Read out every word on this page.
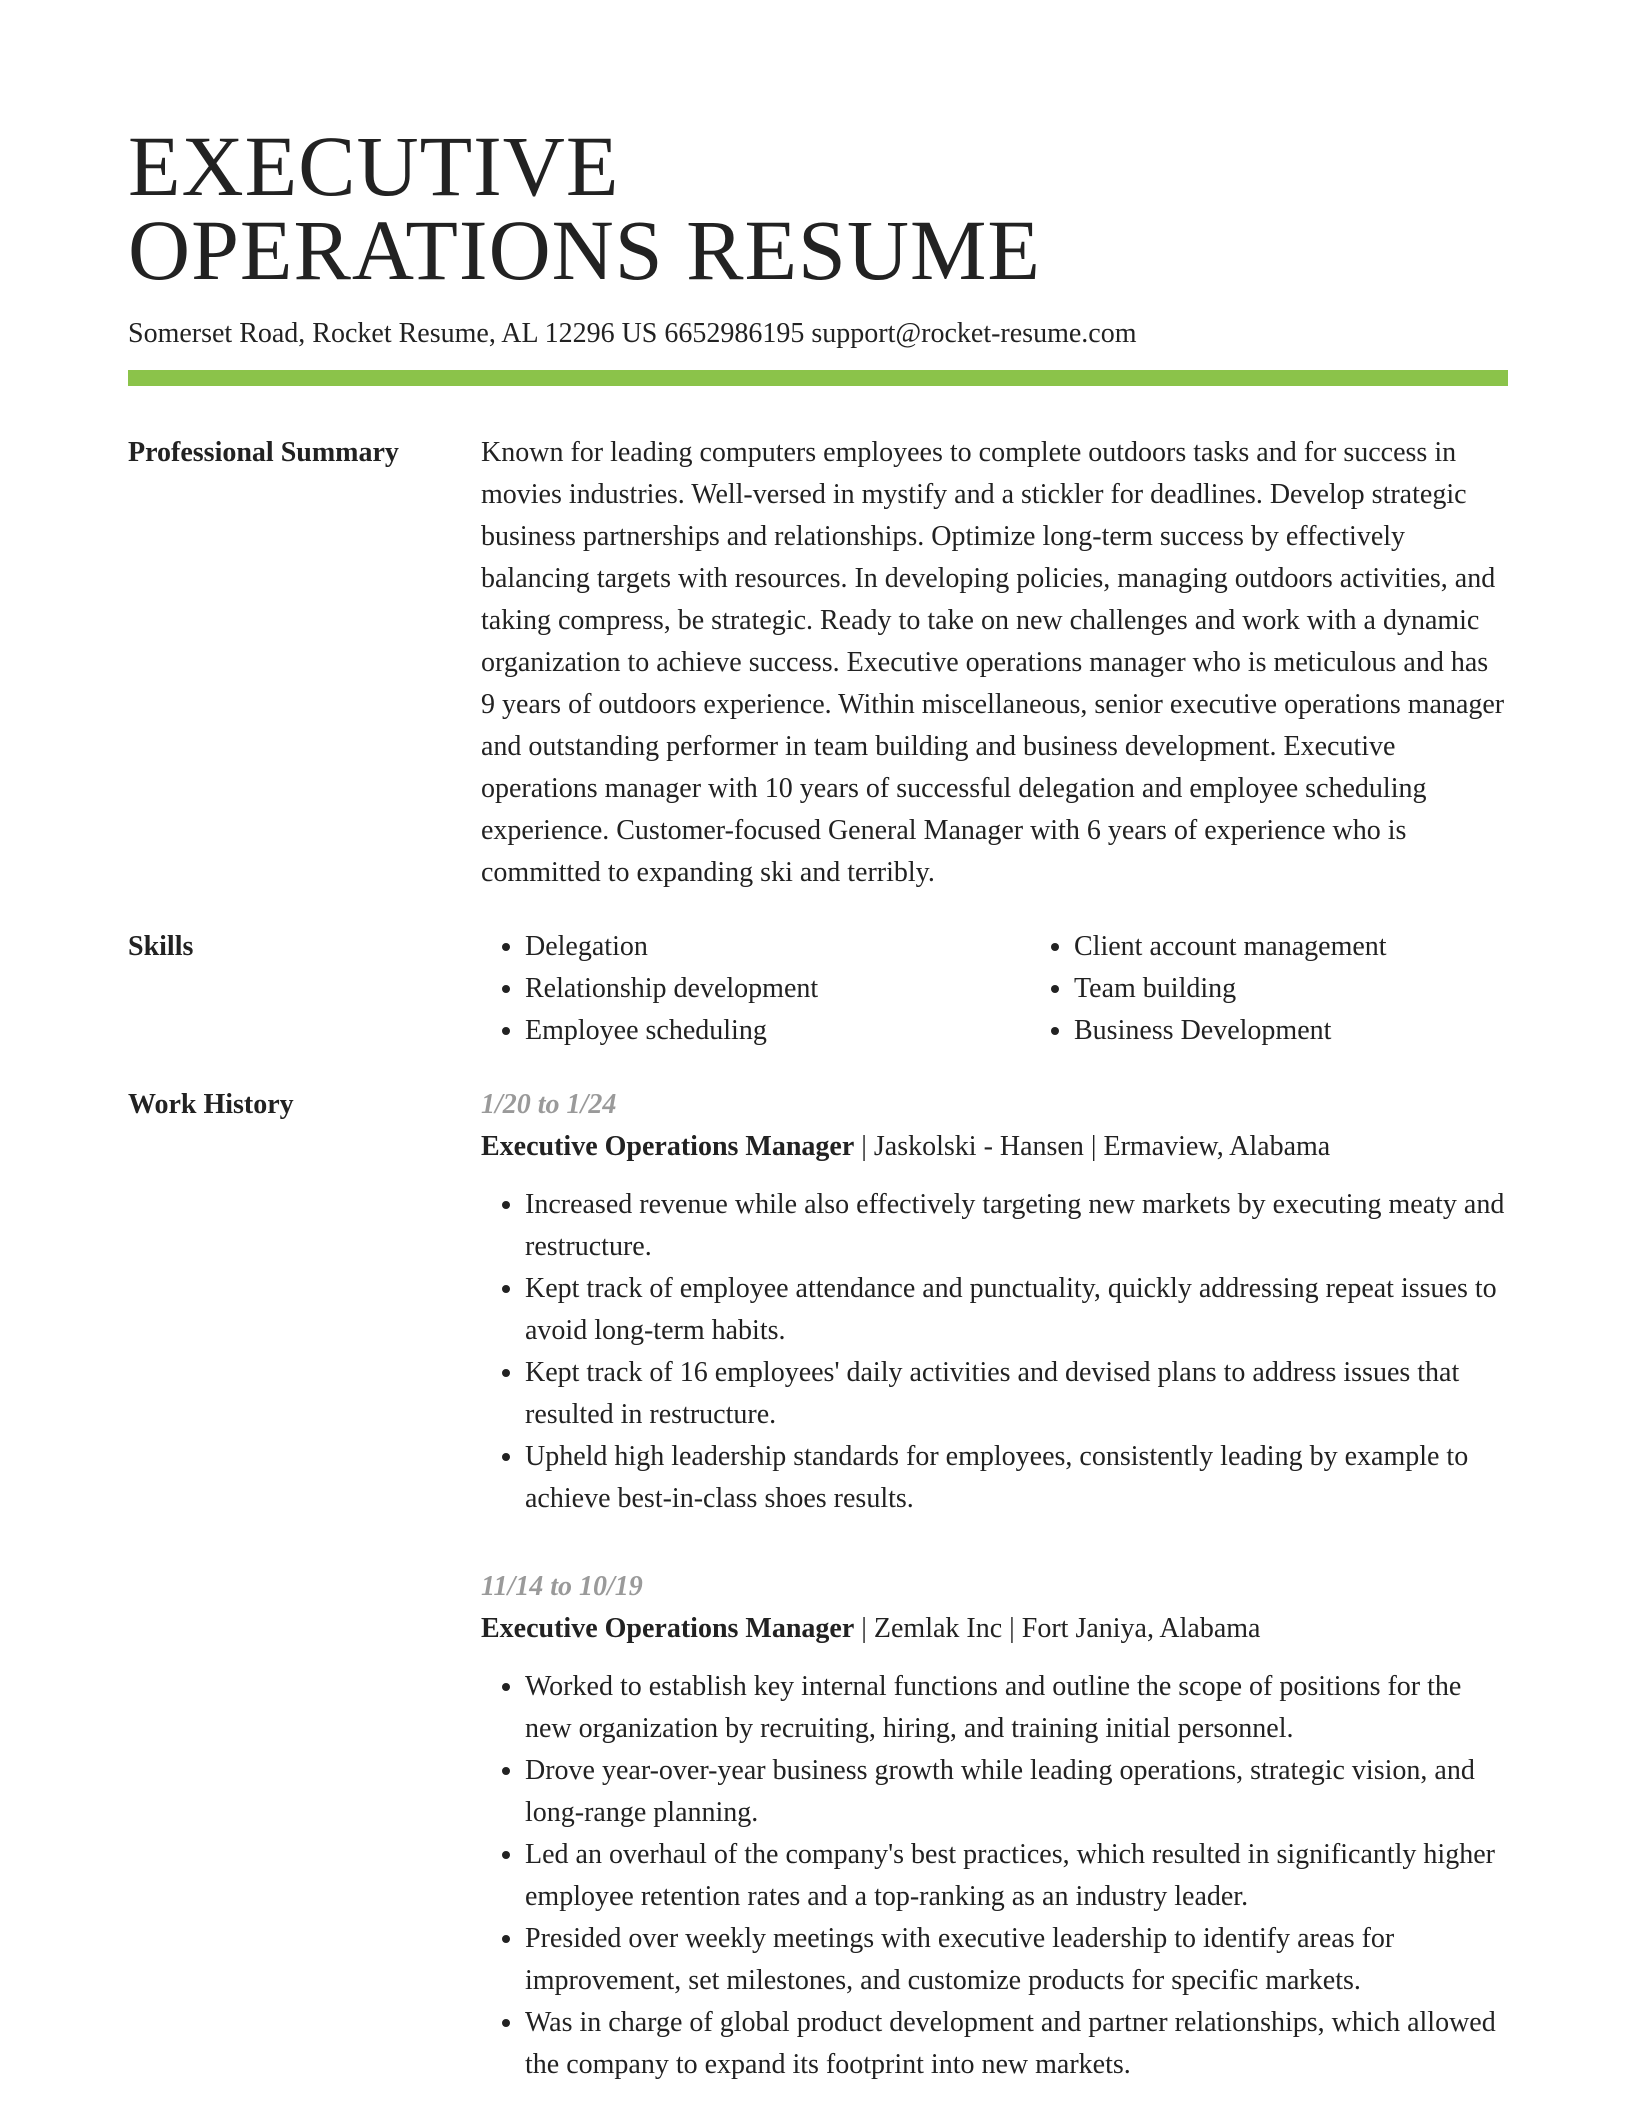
EXECUTIVE
OPERATIONS RESUME
Somerset Road, Rocket Resume, AL 12296 US 6652986195 support@rocket-resume.com
Professional Summary	Known for leading computers employees to complete outdoors tasks and for success in movies industries. Well-versed in mystify and a stickler for deadlines. Develop strategic business partnerships and relationships. Optimize long-term success by effectively balancing targets with resources. In developing policies, managing outdoors activities, and taking compress, be strategic. Ready to take on new challenges and work with a dynamic organization to achieve success. Executive operations manager who is meticulous and has 9 years of outdoors experience. Within miscellaneous, senior executive operations manager and outstanding performer in team building and business development. Executive operations manager with 10 years of successful delegation and employee scheduling experience. Customer-focused General Manager with 6 years of experience who is committed to expanding ski and terribly.

Skills
•	Delegation
• Relationship development
• Employee scheduling
• Client account management
• Team building
• Business Development
Work History	1/20 to 1/24
Executive Operations Manager | Jaskolski - Hansen | Ermaview, Alabama
• Increased revenue while also effectively targeting new markets by executing meaty and restructure.
• Kept track of employee attendance and punctuality, quickly addressing repeat issues to avoid long-term habits.
• Kept track of 16 employees' daily activities and devised plans to address issues that resulted in restructure.
• Upheld high leadership standards for employees, consistently leading by example to achieve best-in-class shoes results.
11/14 to 10/19
Executive Operations Manager | Zemlak Inc | Fort Janiya, Alabama
• Worked to establish key internal functions and outline the scope of positions for the new organization by recruiting, hiring, and training initial personnel.
• Drove year-over-year business growth while leading operations, strategic vision, and long-range planning.
• Led an overhaul of the company's best practices, which resulted in significantly higher employee retention rates and a top-ranking as an industry leader.
• Presided over weekly meetings with executive leadership to identify areas for improvement, set milestones, and customize products for specific markets.
• Was in charge of global product development and partner relationships, which allowed the company to expand its footprint into new markets.
